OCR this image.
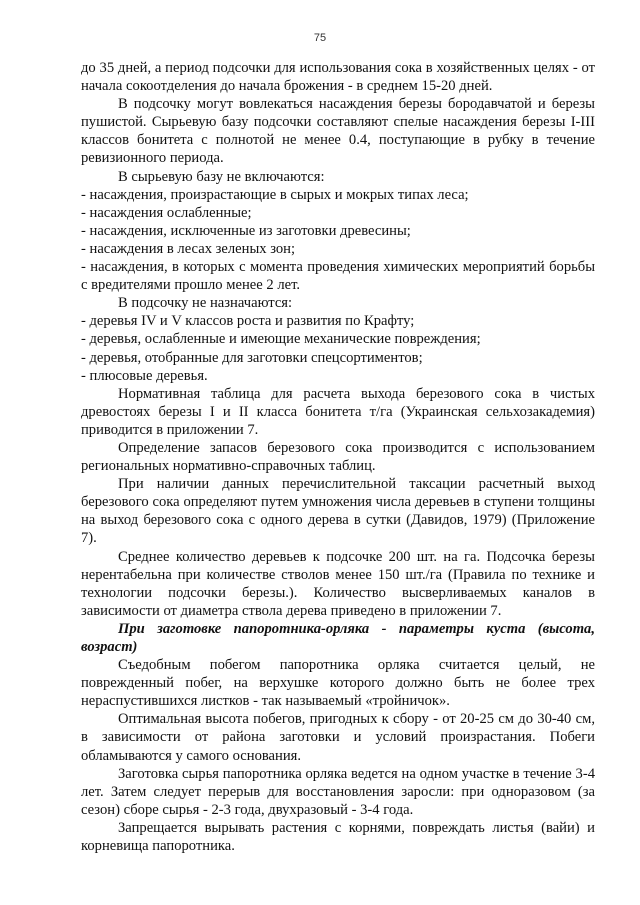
75

до 35 дней, а период подсочки для использования сока в хозяйственных целях - от начала сокоотделения до начала брожения - в среднем 15-20 дней.

В подсочку могут вовлекаться насаждения березы бородавчатой и березы пушистой. Сырьевую базу подсочки составляют спелые насаждения березы I-III классов бонитета с полнотой не менее 0.4, поступающие в рубку в течение ревизионного периода.

В сырьевую базу не включаются:

- насаждения, произрастающие в сырых и мокрых типах леса;

- насаждения ослабленные;

- насаждения, исключенные из заготовки древесины;

- насаждения в лесах зеленых зон;

- насаждения, в которых с момента проведения химических мероприятий борьбы с вредителями прошло менее 2 лет.

В подсочку не назначаются:

- деревья IV и V классов роста и развития по Крафту;

- деревья, ослабленные и имеющие механические повреждения;

- деревья, отобранные для заготовки спецсортиментов;

- плюсовые деревья.

Нормативная таблица для расчета выхода березового сока в чистых древостоях березы I и II класса бонитета т/га (Украинская сельхозакадемия) приводится в приложении 7.

Определение запасов березового сока производится с использованием региональных нормативно-справочных таблиц.

При наличии данных перечислительной таксации расчетный выход березового сока определяют путем умножения числа деревьев в ступени толщины на выход березового сока с одного дерева в сутки (Давидов, 1979) (Приложение 7).

Среднее количество деревьев к подсочке 200 шт. на га. Подсочка березы нерентабельна при количестве стволов менее 150 шт./га (Правила по технике и технологии подсочки березы.). Количество высверливаемых каналов в зависимости от диаметра ствола дерева приведено в приложении 7.

При заготовке папоротника-орляка - параметры куста (высота, возраст)

Съедобным побегом папоротника орляка считается целый, не поврежденный побег, на верхушке которого должно быть не более трех нераспустившихся листков - так называемый «тройничок».

Оптимальная высота побегов, пригодных к сбору - от 20-25 см до 30-40 см, в зависимости от района заготовки и условий произрастания. Побеги обламываются у самого основания.

Заготовка сырья папоротника орляка ведется на одном участке в течение 3-4 лет. Затем следует перерыв для восстановления заросли: при одноразовом (за сезон) сборе сырья - 2-3 года, двухразовый - 3-4 года.

Запрещается вырывать растения с корнями, повреждать листья (вайи) и корневища папоротника.
